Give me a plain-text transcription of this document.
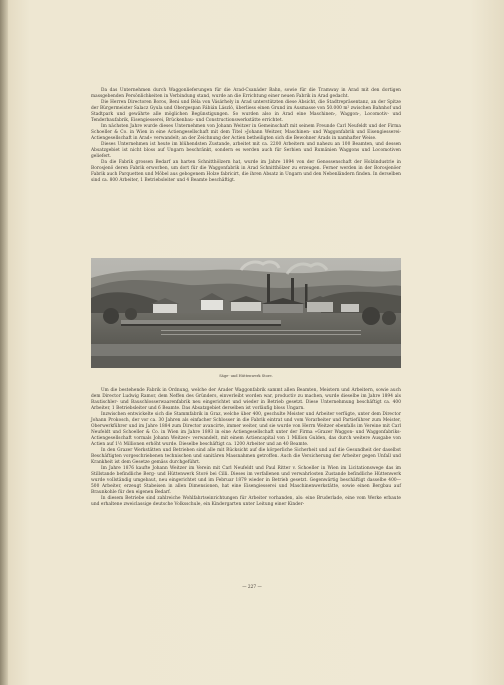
Da das Unternehmen durch Waggonlieferungen für die Arad-Csanáder Bahn, sowie für die Tramway in Arad mit den dortigen massgebenden Persönlichkeiten in Verbindung stand, wurde an die Errichtung einer neuen Fabrik in Arad gedacht.

Die Herren Directoren Boros, Beni und Béla von Vásárhely in Arad unterstützten diese Absicht, die Stadtrepräsentanz, an der Spitze der Bürgermeister Salacz Gyula und Obergespan Fábián László, überliess einen Grund im Ausmasse von 50.000 m² zwischen Bahnhof und Stadtpark und gewährte alle möglichen Begünstigungen. So wurden also in Arad eine Maschinen-, Waggon-, Locomotiv- und Tenderbaufabrik, Eisengiesserei, Brückenbau- und Constructionswerkstätte errichtet.

Im nächsten Jahre wurde dieses Unternehmen von Johann Weitzer in Gemeinschaft mit seinem Freunde Carl Neufeldt und der Firma Schoeller & Co. in Wien in eine Actiengesellschaft mit dem Titel »Johann Weitzer, Maschinen- und Waggonfabrik und Eisengiesserei-Actiengesellschaft in Arad« verwandelt; an der Zeichnung der Actien betheiligten sich die Bewohner Arads in namhafter Weise.

Dieses Unternehmen ist heute im blühendsten Zustande, arbeitet mit ca. 2200 Arbeitern und nahezu an 100 Beamten, und dessen Absatzgebiet ist nicht bloss auf Ungarn beschränkt, sondern es werden auch für Serbien und Rumänien Waggons und Locomotiven geliefert.

Da die Fabrik grossen Bedarf an harten Schnitthölzern hat, wurde im Jahre 1894 von der Genossenschaft der Holzindustrie in Borosjenö deren Fabrik erworben, um dort für die Waggonfabrik in Arad Schnitthölzer zu erzeugen. Ferner werden in der Borosjenöer Fabrik auch Parquetten und Möbel aus gebogenem Holze fabricirt, die ihren Absatz in Ungarn und den Nebenländern finden. In derselben sind ca. 800 Arbeiter, 1 Betriebsleiter und 4 Beamte beschäftigt.

Säge- und Hüttenwerk Store.

Um die bestehende Fabrik in Ordnung, welche der Arader Waggonfabrik sammt allen Beamten, Meistern und Arbeitern, sowie auch dem Director Ludwig Ramor, dem Neffen des Gründers, einverleibt worden war, productiv zu machen, wurde dieselbe im Jahre 1894 als Bautischler- und Bauschlosserwaarenfabrik neu eingerichtet und wieder in Betrieb gesetzt. Diese Unternehmung beschäftigt ca. 400 Arbeiter, 1 Betriebsleiter und 6 Beamte. Das Absatzgebiet derselben ist vorläufig bloss Ungarn.

Inzwischen entwickelte sich die Stammfabrik in Graz, welche über 400, geschulte Meister und Arbeiter verfügte, unter dem Director Johann Prokosch, der vor ca. 30 Jahren als einfacher Schlosser in die Fabrik eintrat und vom Vorarbeiter und Partieführer zum Meister, Oberwerkführer und im Jahre 1884 zum Director avancirte, immer weiter, und sie wurde von Herrn Weitzer ebenfalls im Vereine mit Carl Neufeldt und Schoeller & Co. in Wien im Jahre 1893 in eine Actiengesellschaft unter der Firma »Grazer Waggon- und Waggonfabriks-Actiengesellschaft vormals Johann Weitzer« verwandelt, mit einem Actiencapital von 1 Million Gulden, das durch weitere Ausgabe von Actien auf 1½ Millionen erhöht wurde. Dieselbe beschäftigt ca. 1200 Arbeiter und an 40 Beamte.

In den Grazer Werkstätten und Betrieben sind alle mit Rücksicht auf die körperliche Sicherheit und auf die Gesundheit der daselbst Beschäftigten vorgeschriebenen technischen und sanitären Massnahmen getroffen. Auch die Versicherung der Arbeiter gegen Unfall und Krankheit ist dem Gesetze gemäss durchgeführt.

Im Jahre 1876 kaufte Johann Weitzer im Verein mit Carl Neufeldt und Paul Ritter v. Schoeller in Wien im Licitationswege das im Stillstande befindliche Berg- und Hüttenwerk Storé bei Cilli. Dieses im verfallenen und verwahrlosten Zustande befindliche Hüttenwerk wurde vollständig umgebaut, neu eingerichtet und im Februar 1879 wieder in Betrieb gesetzt. Gegenwärtig beschäftigt dasselbe 400—500 Arbeiter, erzeugt Stabeisen in allen Dimensionen, hat eine Eisengiesserei und Maschinenwerkstätte, sowie einen Bergbau auf Braunkohle für den eigenen Bedarf.

In diesem Betriebe sind zahlreiche Wohlfahrtseinrichtungen für Arbeiter vorhanden, als: eine Bruderlade, eine vom Werke erbaute und erhaltene zweiclassige deutsche Volksschule, ein Kindergarten unter Leitung einer Kinder-

— 227 —
